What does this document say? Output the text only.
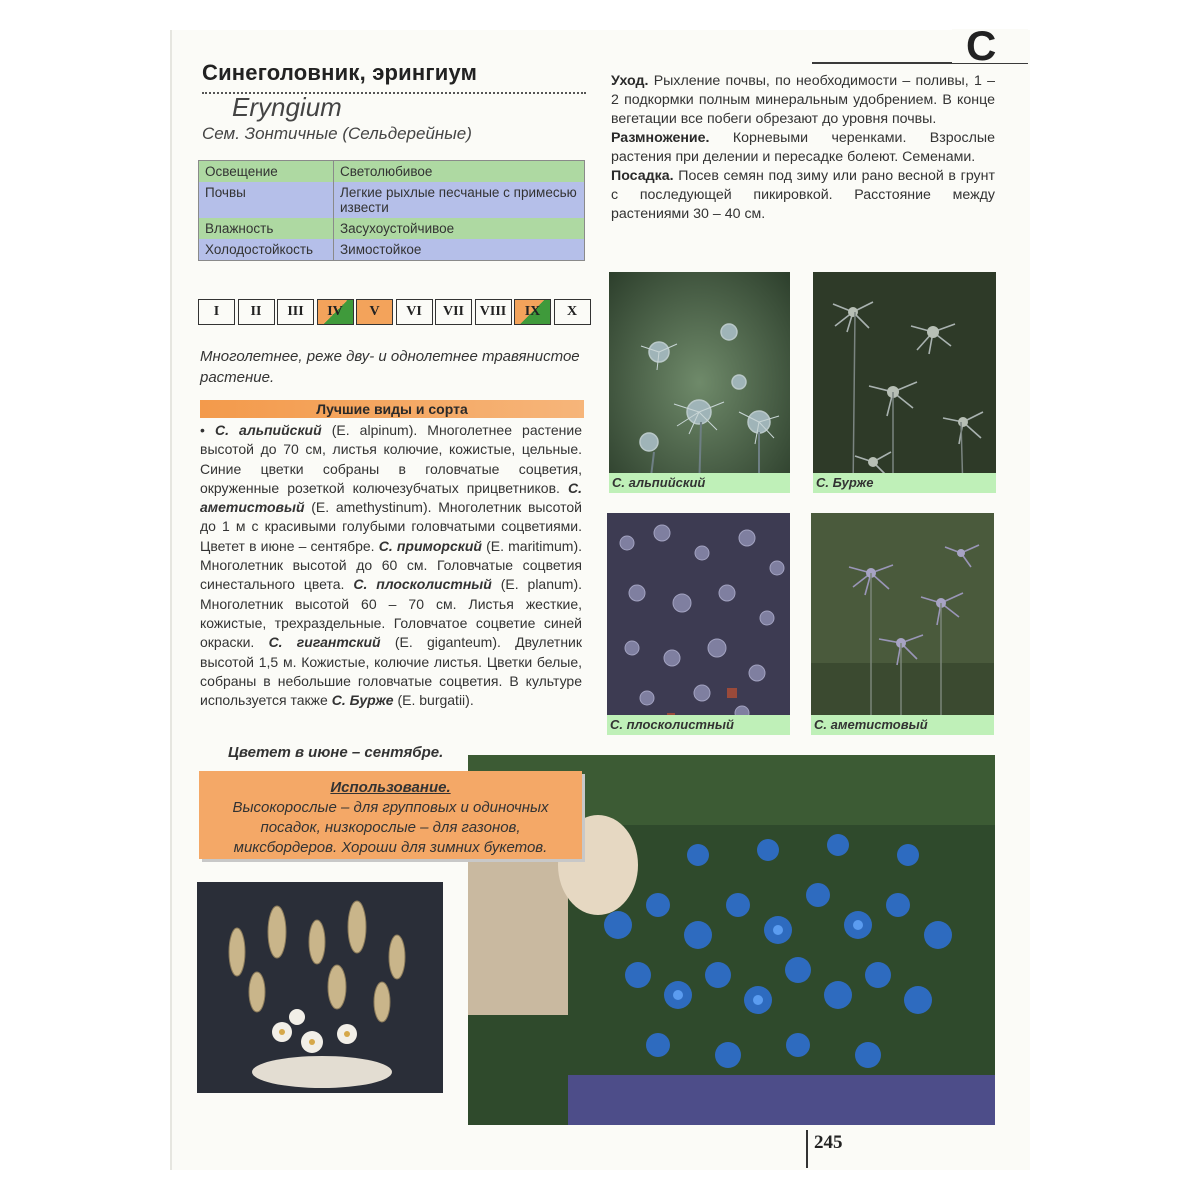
С
Синеголовник, эрингиум
Eryngium
Сем. Зонтичные (Сельдерейные)
Освещение	Светолюбивое
Почвы	Легкие рыхлые песчаные с примесью извести
Влажность	Засухоустойчивое
Холодостойкость	Зимостойкое
I	II	III	IV	V	VI	VII	VIII	IX	X
Многолетнее, реже дву- и однолетнее травянистое растение.
Лучшие виды и сорта
• С. альпийский (E. alpinum). Многолетнее растение высотой до 70 см, листья колючие, кожистые, цельные. Синие цветки собраны в головчатые соцветия, окруженные розеткой колючезубчатых прицветников. С. аметистовый (E. amethystinum). Многолетник высотой до 1 м с красивыми голубыми головчатыми соцветиями. Цветет в июне – сентябре. С. приморский (E. maritimum). Многолетник высотой до 60 см. Головчатые соцветия синестального цвета. С. плосколистный (E. planum). Многолетник высотой 60 – 70 см. Листья жесткие, кожистые, трехраздельные. Головчатое соцветие синей окраски. С. гигантский (E. giganteum). Двулетник высотой 1,5 м. Кожистые, колючие листья. Цветки белые, собраны в небольшие головчатые соцветия. В культуре используется также С. Бурже (E. burgatii).
Цветет в июне – сентябре.
Использование.
Высокорослые – для групповых и одиночных посадок, низкорослые – для газонов, миксбордеров. Хороши для зимних букетов.

Уход. Рыхление почвы, по необходимости – поливы, 1 – 2 подкормки полным минеральным удобрением. В конце вегетации все побеги обрезают до уровня почвы.

Размножение. Корневыми черенками. Взрослые растения при делении и пересадке болеют. Семенами.

Посадка. Посев семян под зиму или рано весной в грунт с последующей пикировкой. Расстояние между растениями 30 – 40 см.

С. альпийский	С. Бурже
С. плосколистный	С. аметистовый
245
